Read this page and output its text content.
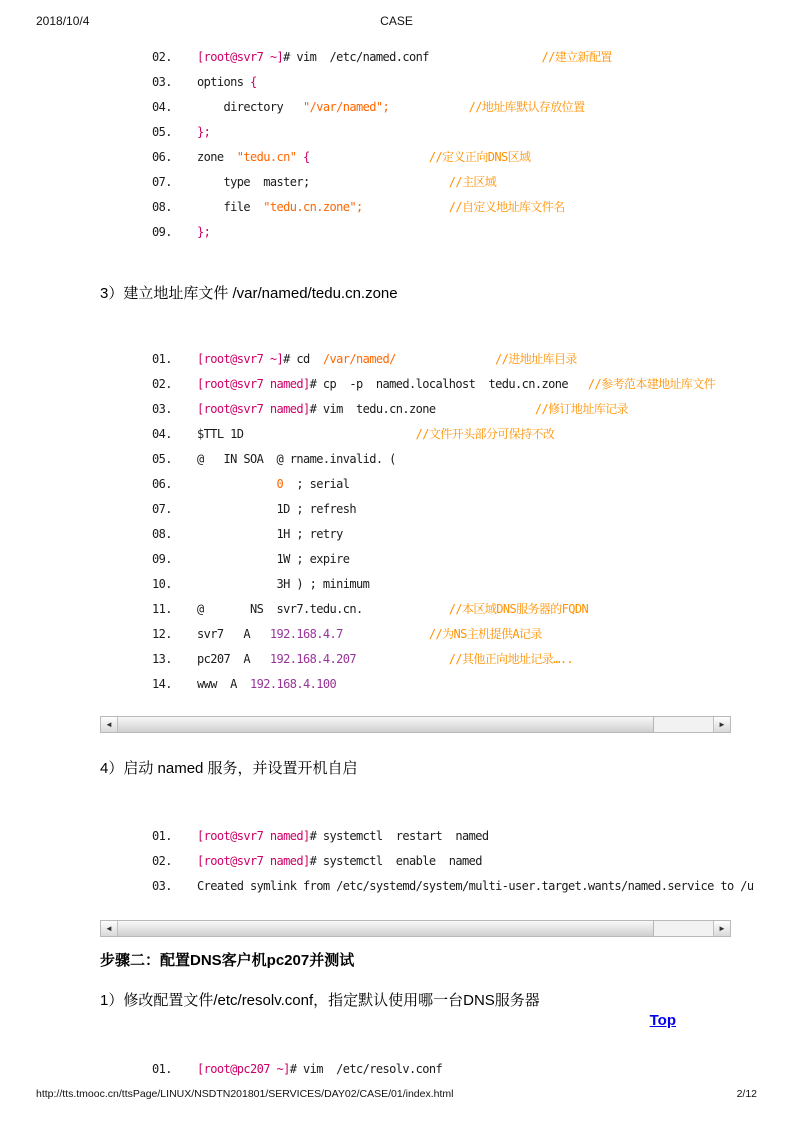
2018/10/4	CASE
02.	[root@svr7 ~]# vim  /etc/named.conf                 //建立新配置
03.	options {
04.	directory   "/var/named";            //地址库默认存放位置
05.	};
06.	zone  "tedu.cn" {                  //定义正向DNS区域
07.	type  master;                     //主区域
08.	file  "tedu.cn.zone";             //自定义地址库文件名
09.	};
3）建立地址库文件 /var/named/tedu.cn.zone
01.	[root@svr7 ~]# cd  /var/named/               //进地址库目录
02.	[root@svr7 named]# cp  -p  named.localhost  tedu.cn.zone   //参考范本建地址库文件
03.	[root@svr7 named]# vim  tedu.cn.zone               //修订地址库记录
04.	$TTL 1D                          //文件开头部分可保持不改
05.	@   IN SOA  @ rname.invalid. (
06.	0  ; serial
07.	1D ; refresh
08.	1H ; retry
09.	1W ; expire
10.	3H ) ; minimum
11.	@       NS  svr7.tedu.cn.             //本区域DNS服务器的FQDN
12.	svr7   A   192.168.4.7             //为NS主机提供A记录
13.	pc207  A   192.168.4.207              //其他正向地址记录…..
14.	www  A  192.168.4.100
◄	►
4）启动 named 服务，并设置开机自启
01.	[root@svr7 named]# systemctl  restart  named
02.	[root@svr7 named]# systemctl  enable  named
03.	Created symlink from /etc/systemd/system/multi-user.target.wants/named.service to /u
◄	►
步骤二：配置DNS客户机pc207并测试

1）修改配置文件/etc/resolv.conf，指定默认使用哪一台DNS服务器

Top
01.	[root@pc207 ~]# vim  /etc/resolv.conf
http://tts.tmooc.cn/ttsPage/LINUX/NSDTN201801/SERVICES/DAY02/CASE/01/index.html	2/12
